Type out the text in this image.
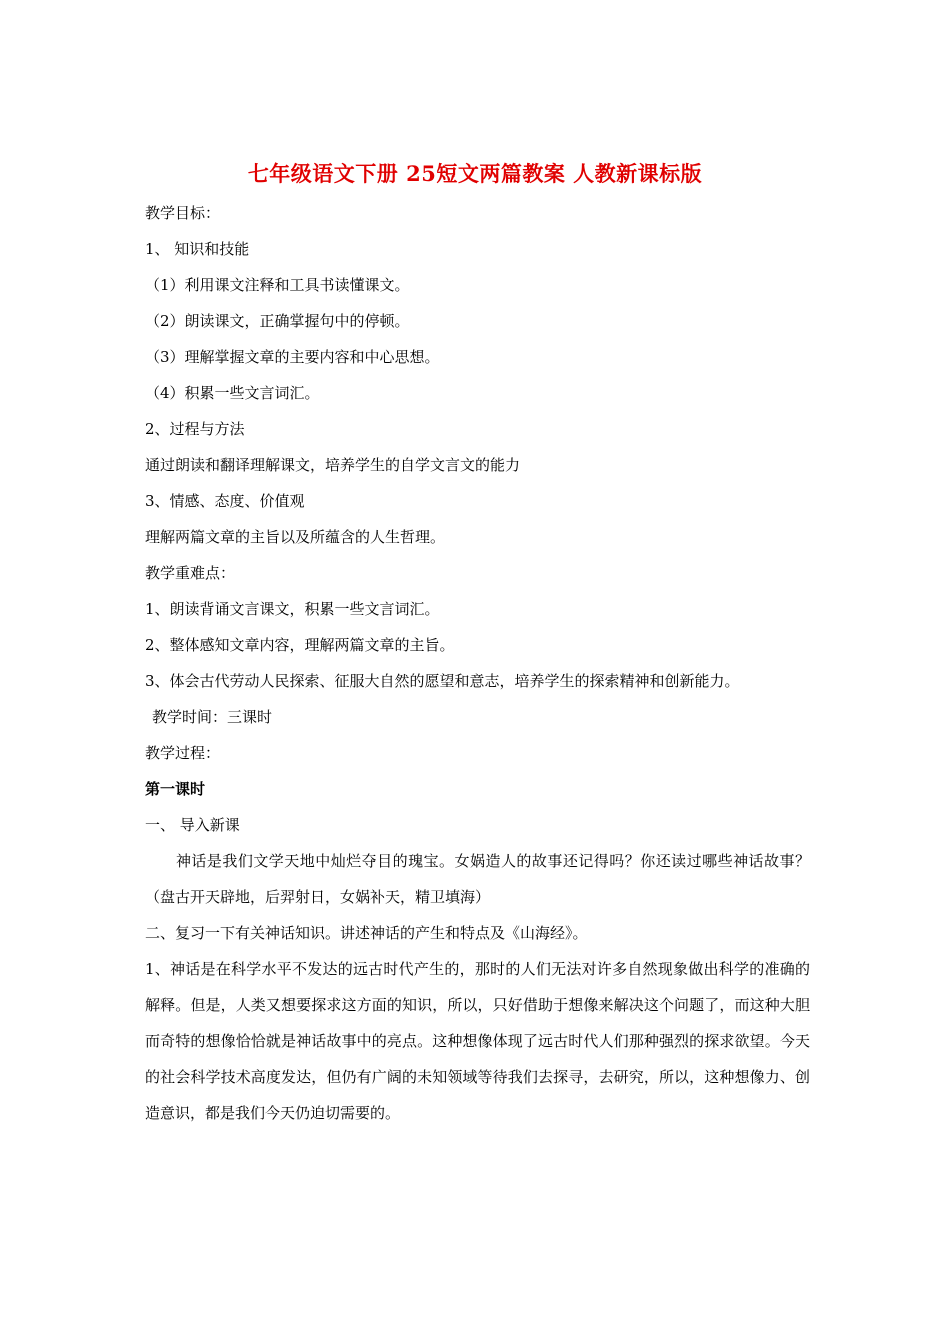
七年级语文下册 25短文两篇教案 人教新课标版
教学目标：
1、 知识和技能
（1）利用课文注释和工具书读懂课文。
（2）朗读课文，正确掌握句中的停顿。
（3）理解掌握文章的主要内容和中心思想。
（4）积累一些文言词汇。
2、过程与方法
通过朗读和翻译理解课文，培养学生的自学文言文的能力
3、情感、态度、价值观
理解两篇文章的主旨以及所蕴含的人生哲理。
教学重难点：
1、朗读背诵文言课文，积累一些文言词汇。
2、整体感知文章内容，理解两篇文章的主旨。
3、体会古代劳动人民探索、征服大自然的愿望和意志，培养学生的探索精神和创新能力。
教学时间：三课时
教学过程：
第一课时
一、 导入新课
　　神话是我们文学天地中灿烂夺目的瑰宝。女娲造人的故事还记得吗？你还读过哪些神话故事？（盘古开天辟地，后羿射日，女娲补天，精卫填海）
二、复习一下有关神话知识。讲述神话的产生和特点及《山海经》。
1、神话是在科学水平不发达的远古时代产生的，那时的人们无法对许多自然现象做出科学的准确的解释。但是，人类又想要探求这方面的知识，所以，只好借助于想像来解决这个问题了，而这种大胆而奇特的想像恰恰就是神话故事中的亮点。这种想像体现了远古时代人们那种强烈的探求欲望。今天的社会科学技术高度发达，但仍有广阔的未知领域等待我们去探寻，去研究，所以，这种想像力、创造意识，都是我们今天仍迫切需要的。
